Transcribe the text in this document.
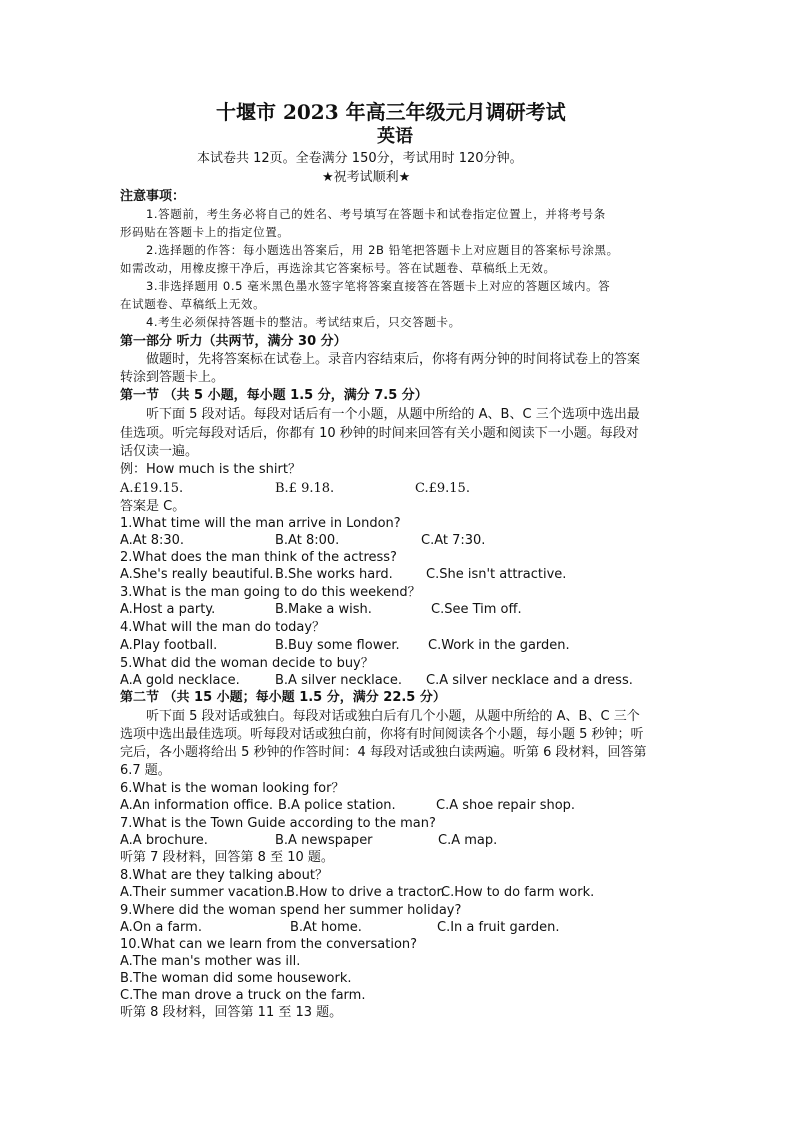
十堰市 2023 年高三年级元月调研考试
英语
本试卷共 12页。全卷满分 150分，考试用时 120分钟。
★祝考试顺利★
注意事项：
1.答题前，考生务必将自己的姓名、考号填写在答题卡和试卷指定位置上，并将考号条
形码贴在答题卡上的指定位置。
2.选择题的作答：每小题选出答案后，用 2B 铅笔把答题卡上对应题目的答案标号涂黑。
如需改动，用橡皮擦干净后，再选涂其它答案标号。答在试题卷、草稿纸上无效。
3.非选择题用 0.5 毫米黑色墨水签字笔将答案直接答在答题卡上对应的答题区域内。答
在试题卷、草稿纸上无效。
4.考生必须保持答题卡的整洁。考试结束后，只交答题卡。
第一部分 听力（共两节，满分 30 分）
做题时，先将答案标在试卷上。录音内容结束后，你将有两分钟的时间将试卷上的答案
转涂到答题卡上。
第一节 （共 5 小题，每小题 1.5 分，满分 7.5 分）
听下面 5 段对话。每段对话后有一个小题，从题中所给的 A、B、C 三个选项中选出最
佳选项。听完每段对话后，你都有 10 秒钟的时间来回答有关小题和阅读下一小题。每段对
话仅读一遍。
例：How much is the shirt？
A.£19.15.	B.£ 9.18.	C.£9.15.
答案是 C。
1.What time will the man arrive in London?
A.At 8:30.	B.At 8:00.	C.At 7:30.
2.What does the man think of the actress?
A.She's really beautiful. B.She works hard.	C.She isn't attractive.
3.What is the man going to do this weekend？
A.Host a party.	B.Make a wish.	C.See Tim off.
4.What will the man do today？
A.Play football.	B.Buy some flower. C.Work in the garden.
5.What did the woman decide to buy？
A.A gold necklace.	B.A silver necklace. C.A silver necklace and a dress.
第二节 （共 15 小题；每小题 1.5 分，满分 22.5 分）
听下面 5 段对话或独白。每段对话或独白后有几个小题，从题中所给的 A、B、C 三个
选项中选出最佳选项。听每段对话或独白前，你将有时间阅读各个小题，每小题 5 秒钟；听
完后，各小题将给出 5 秒钟的作答时间：4 每段对话或独白读两遍。听第 6 段材料，回答第
6.7 题。
6.What is the woman looking for？
A.An information office. B.A police station.	C.A shoe repair shop.
7.What is the Town Guide according to the man?
A.A brochure.	B.A newspaper	C.A map.
听第 7 段材料，回答第 8 至 10 题。
8.What are they talking about？
A.Their summer vacation.
B.How to drive a tractor.
C.How to do farm work.
9.Where did the woman spend her summer holiday?
A.On a farm.	B.At home.	C.In a fruit garden.
10.What can we learn from the conversation?
A.The man's mother was ill.
B.The woman did some housework.
C.The man drove a truck on the farm.
听第 8 段材料，回答第 11 至 13 题。
